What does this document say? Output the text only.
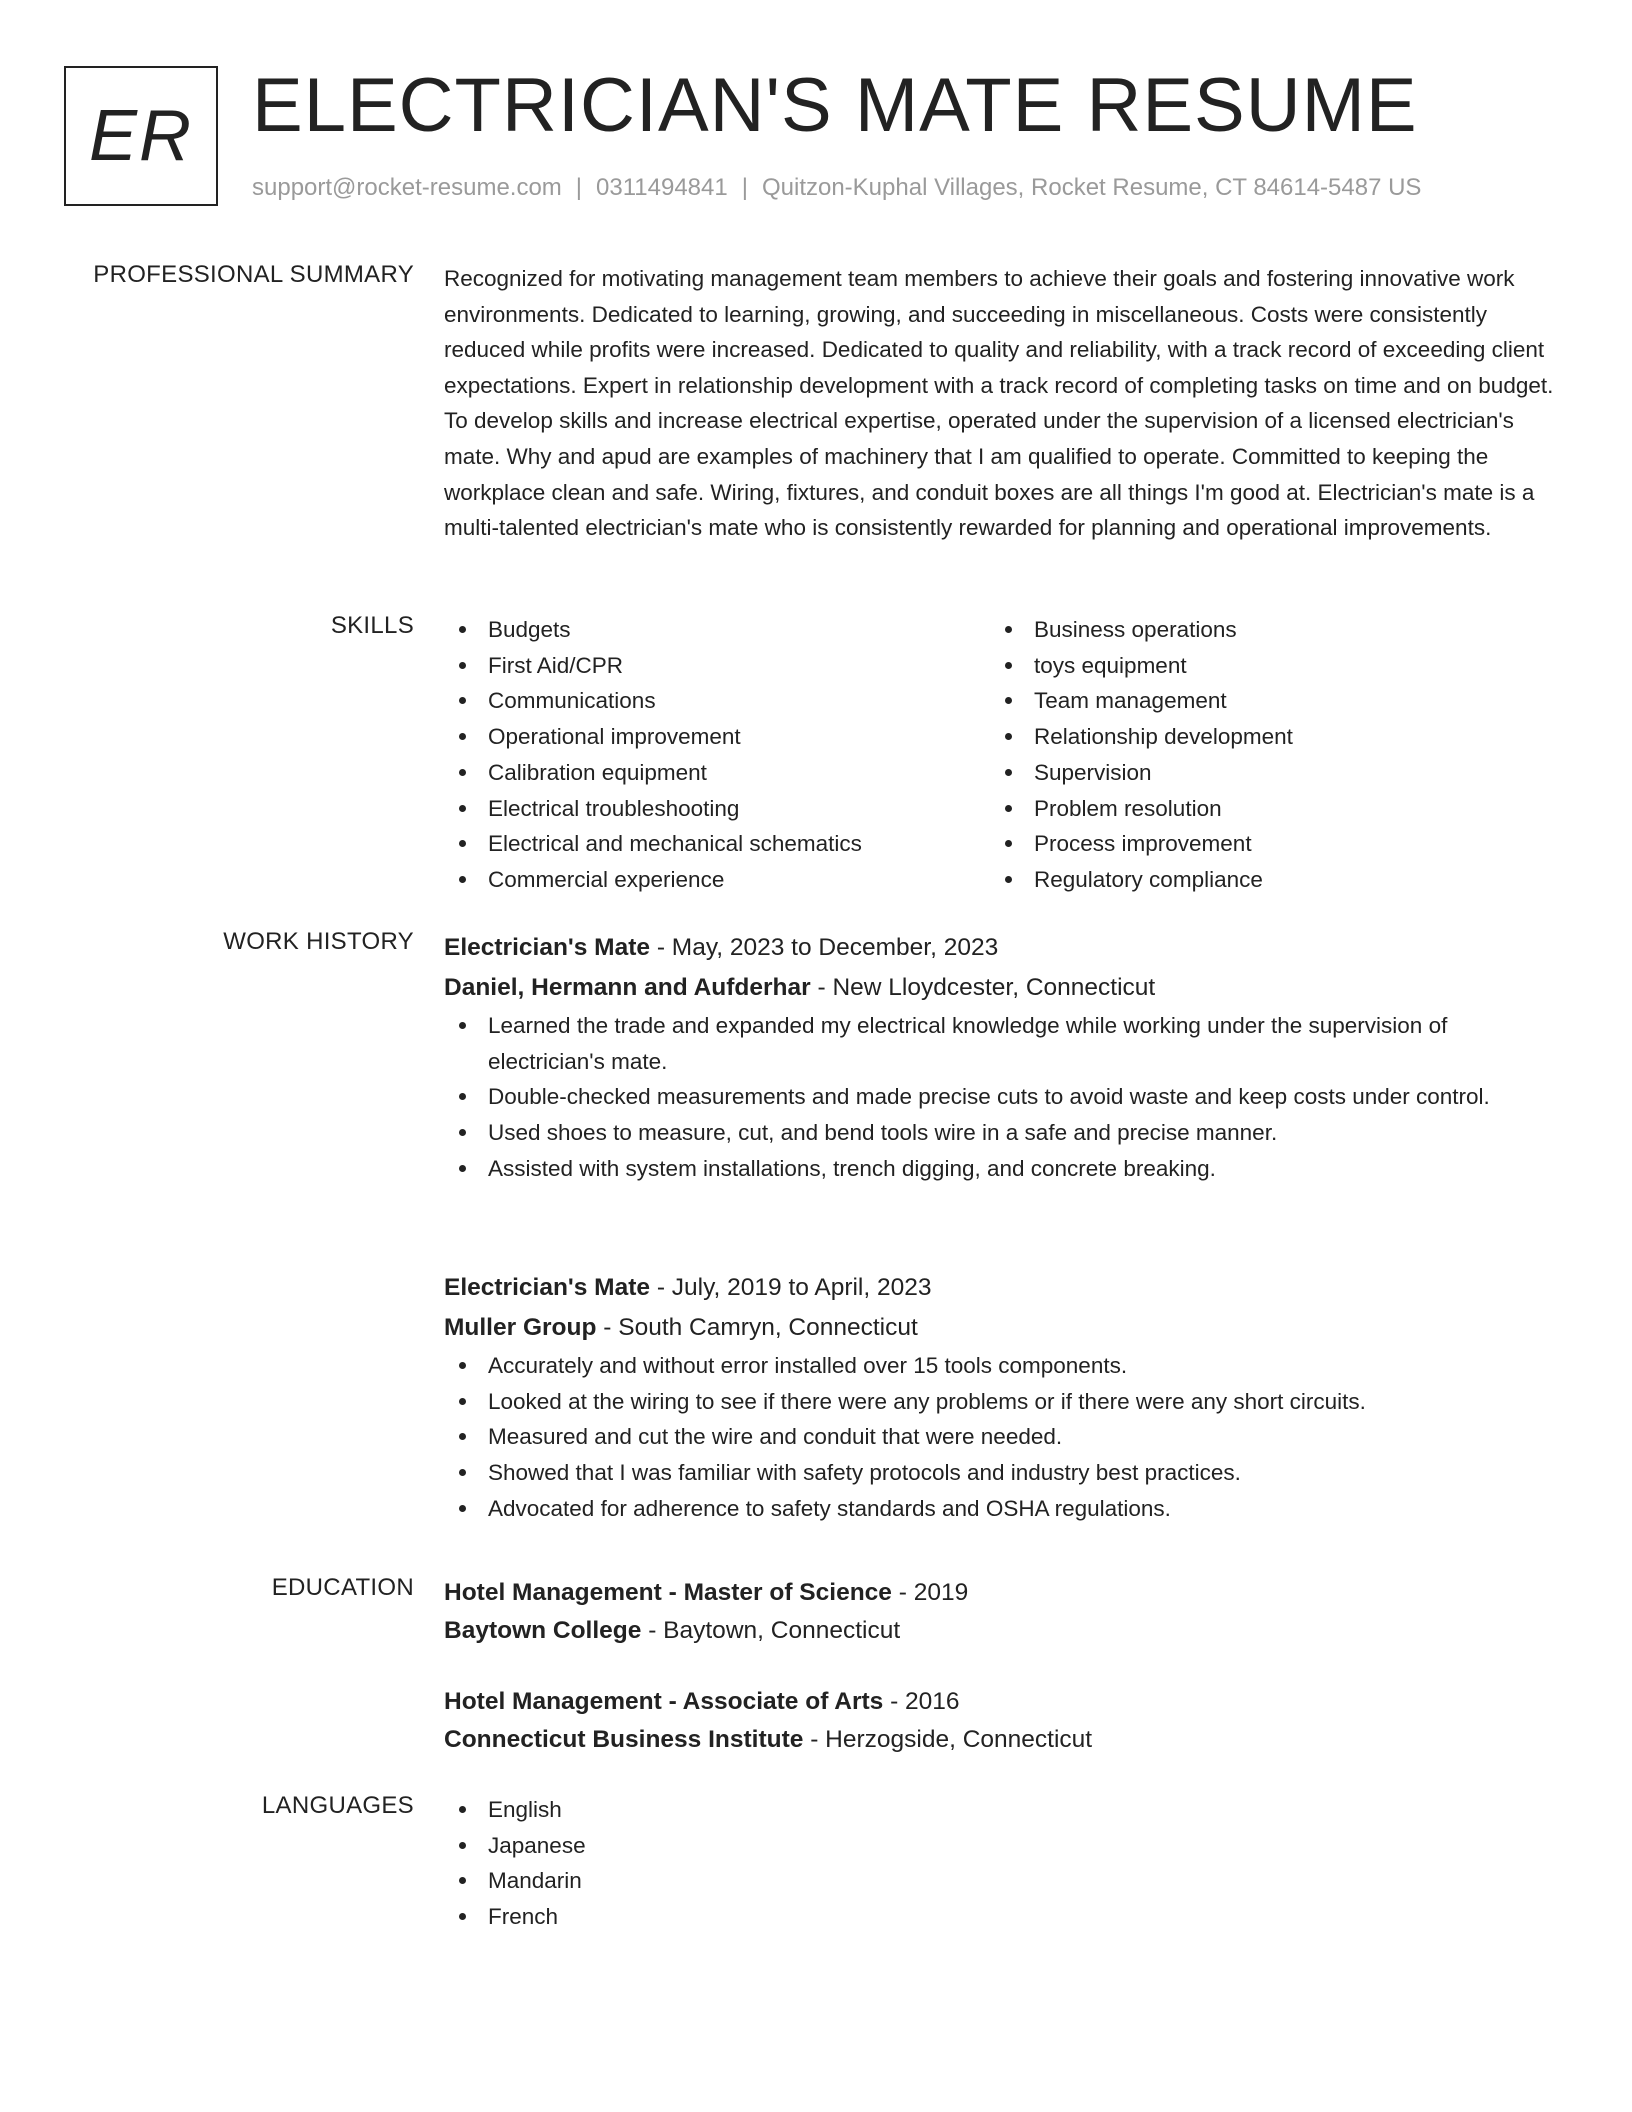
ER ELECTRICIAN'S MATE RESUME
support@rocket-resume.com | 0311494841 | Quitzon-Kuphal Villages, Rocket Resume, CT 84614-5487 US
PROFESSIONAL SUMMARY Recognized for motivating management team members to achieve their goals and fostering innovative work environments. Dedicated to learning, growing, and succeeding in miscellaneous. Costs were consistently reduced while profits were increased. Dedicated to quality and reliability, with a track record of exceeding client expectations. Expert in relationship development with a track record of completing tasks on time and on budget. To develop skills and increase electrical expertise, operated under the supervision of a licensed electrician's mate. Why and apud are examples of machinery that I am qualified to operate. Committed to keeping the workplace clean and safe. Wiring, fixtures, and conduit boxes are all things I'm good at. Electrician's mate is a multi-talented electrician's mate who is consistently rewarded for planning and operational improvements.

SKILLS	Budgets
First Aid/CPR
Communications
Operational improvement
Calibration equipment
Electrical troubleshooting
Electrical and mechanical schematics
Commercial experience
Business operations
toys equipment
Team management
Relationship development
Supervision
Problem resolution
Process improvement
Regulatory compliance
WORK HISTORY Electrician's Mate - May, 2023 to December, 2023
Daniel, Hermann and Aufderhar - New Lloydcester, Connecticut
Learned the trade and expanded my electrical knowledge while working under the supervision of electrician's mate.
Double-checked measurements and made precise cuts to avoid waste and keep costs under control.
Used shoes to measure, cut, and bend tools wire in a safe and precise manner.
Assisted with system installations, trench digging, and concrete breaking.
Electrician's Mate - July, 2019 to April, 2023
Muller Group - South Camryn, Connecticut
Accurately and without error installed over 15 tools components.
Looked at the wiring to see if there were any problems or if there were any short circuits.
Measured and cut the wire and conduit that were needed.
Showed that I was familiar with safety protocols and industry best practices.
Advocated for adherence to safety standards and OSHA regulations.
EDUCATION Hotel Management - Master of Science - 2019
Baytown College - Baytown, Connecticut
Hotel Management - Associate of Arts - 2016
Connecticut Business Institute - Herzogside, Connecticut
LANGUAGES	English
Japanese
Mandarin
French
